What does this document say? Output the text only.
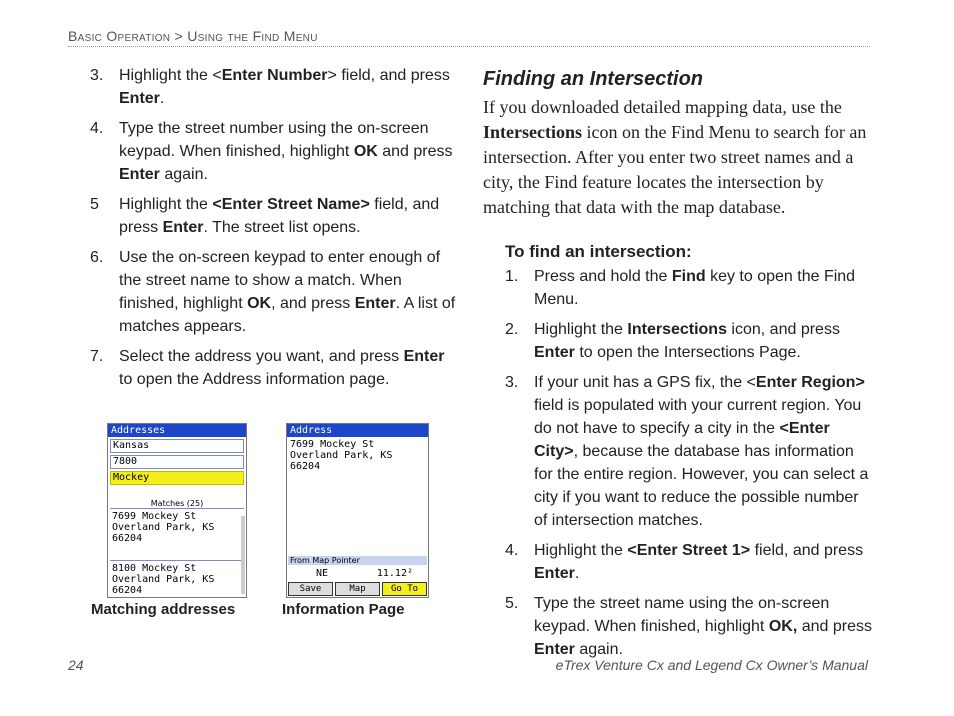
Basic Operation > Using the Find Menu
3. Highlight the <Enter Number> field, and press Enter.
4. Type the street number using the on-screen keypad. When finished, highlight OK and press Enter again.
5 Highlight the <Enter Street Name> field, and press Enter. The street list opens.
6. Use the on-screen keypad to enter enough of the street name to show a match. When finished, highlight OK, and press Enter. A list of matches appears.
7. Select the address you want, and press Enter to open the Address information page.
Addresses
Kansas
7800
Mockey
Matches (25)
7699 Mockey St
Overland Park, KS 66204
8100 Mockey St
Overland Park, KS 66204
Matching addresses
Address
7699 Mockey St
Overland Park, KS 66204
From Map Pointer
NE	11.12²
Save	Map	Go To
Information Page
Finding an Intersection

If you downloaded detailed mapping data, use the Intersections icon on the Find Menu to search for an intersection. After you enter two street names and a city, the Find feature locates the intersection by matching that data with the map database.

To find an intersection:
1. Press and hold the Find key to open the Find Menu.
2. Highlight the Intersections icon, and press Enter to open the Intersections Page.
3. If your unit has a GPS fix, the <Enter Region> field is populated with your current region. You do not have to specify a city in the <Enter City>, because the database has information for the entire region. However, you can select a city if you want to reduce the possible number of intersection matches.
4. Highlight the <Enter Street 1> field, and press Enter.
5. Type the street name using the on-screen keypad. When finished, highlight OK, and press Enter again.
24	eTrex Venture Cx and Legend Cx Owner’s Manual
